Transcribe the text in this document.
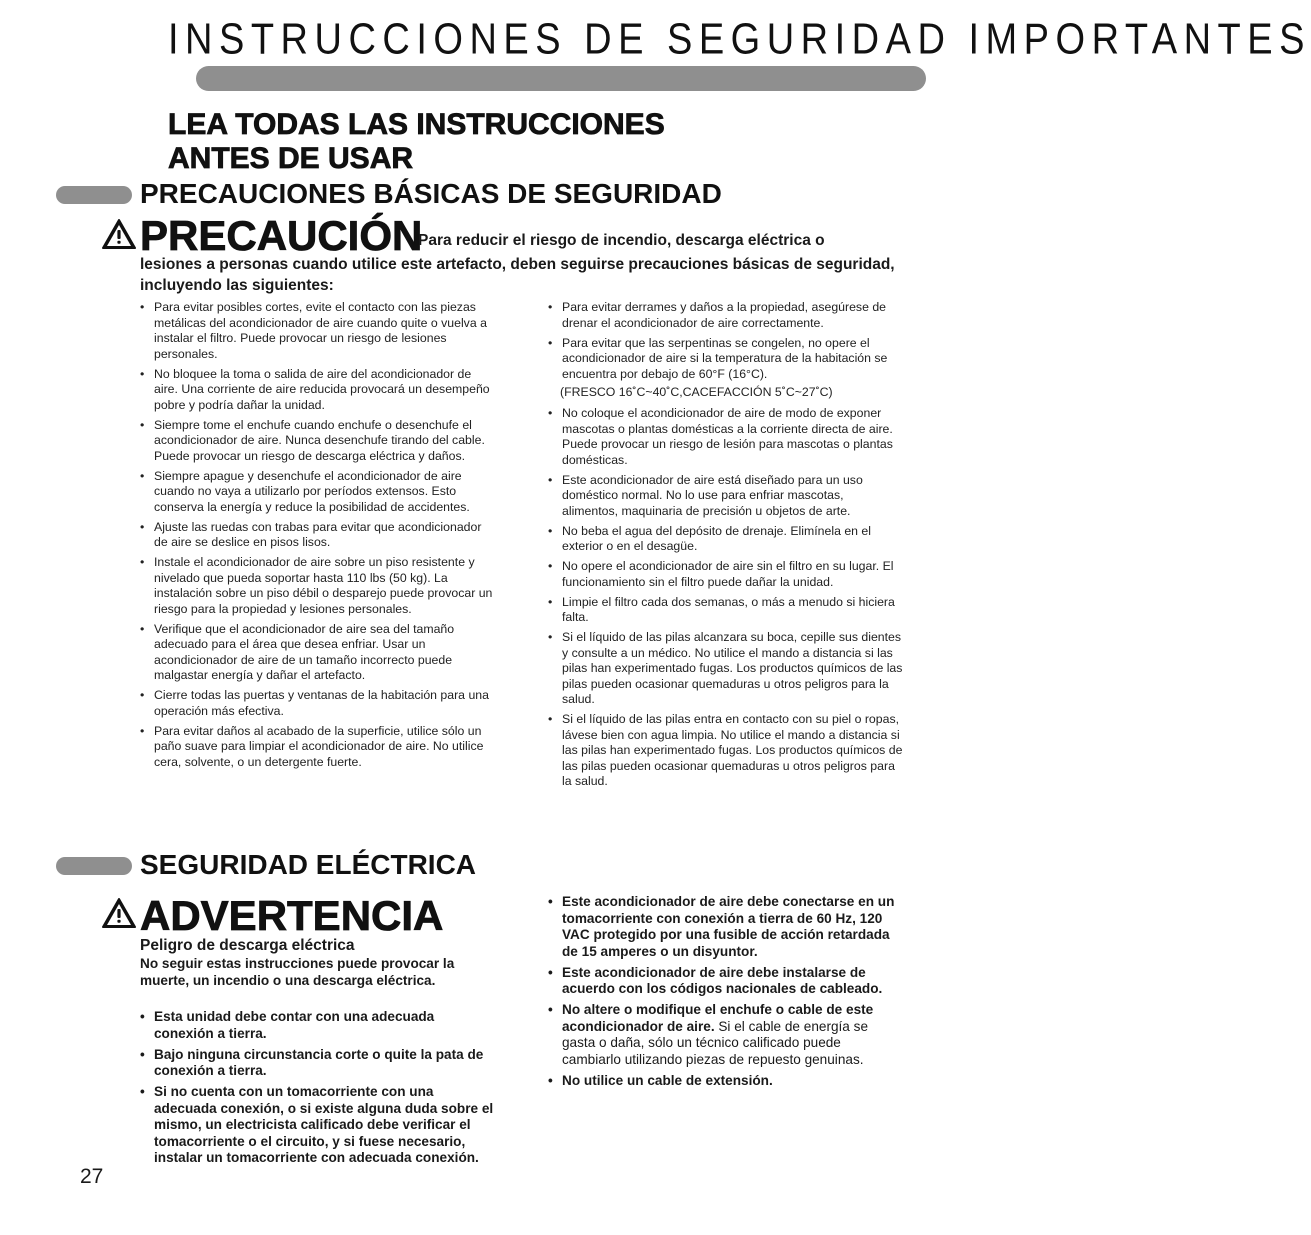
INSTRUCCIONES DE SEGURIDAD IMPORTANTES
LEA TODAS LAS INSTRUCCIONES
ANTES DE USAR
PRECAUCIONES BÁSICAS DE SEGURIDAD
PRECAUCIÓN
Para reducir el riesgo de incendio, descarga eléctrica o
lesiones a personas cuando utilice este artefacto, deben seguirse precauciones básicas de seguridad, incluyendo las siguientes:
• Para evitar posibles cortes, evite el contacto con las piezas metálicas del acondicionador de aire cuando quite o vuelva a instalar el filtro. Puede provocar un riesgo de lesiones personales.
• No bloquee la toma o salida de aire del acondicionador de aire. Una corriente de aire reducida provocará un desempeño pobre y podría dañar la unidad.
• Siempre tome el enchufe cuando enchufe o desenchufe el acondicionador de aire. Nunca desenchufe tirando del cable. Puede provocar un riesgo de descarga eléctrica y daños.
• Siempre apague y desenchufe el acondicionador de aire cuando no vaya a utilizarlo por períodos extensos. Esto conserva la energía y reduce la posibilidad de accidentes.
• Ajuste las ruedas con trabas para evitar que acondicionador de aire se deslice en pisos lisos.
• Instale el acondicionador de aire sobre un piso resistente y nivelado que pueda soportar hasta 110 lbs (50 kg). La instalación sobre un piso débil o desparejo puede provocar un riesgo para la propiedad y lesiones personales.
• Verifique que el acondicionador de aire sea del tamaño adecuado para el área que desea enfriar. Usar un acondicionador de aire de un tamaño incorrecto puede malgastar energía y dañar el artefacto.
• Cierre todas las puertas y ventanas de la habitación para una operación más efectiva.
• Para evitar daños al acabado de la superficie, utilice sólo un paño suave para limpiar el acondicionador de aire. No utilice cera, solvente, o un detergente fuerte.
• Para evitar derrames y daños a la propiedad, asegúrese de drenar el acondicionador de aire correctamente.
• Para evitar que las serpentinas se congelen, no opere el acondicionador de aire si la temperatura de la habitación se encuentra por debajo de 60°F (16°C).
(FRESCO 16˚C~40˚C,CACEFACCIÓN 5˚C~27˚C)
• No coloque el acondicionador de aire de modo de exponer mascotas o plantas domésticas a la corriente directa de aire. Puede provocar un riesgo de lesión para mascotas o plantas domésticas.
• Este acondicionador de aire está diseñado para un uso doméstico normal. No lo use para enfriar mascotas, alimentos, maquinaria de precisión u objetos de arte.
• No beba el agua del depósito de drenaje. Elimínela en el exterior o en el desagüe.
• No opere el acondicionador de aire sin el filtro en su lugar. El funcionamiento sin el filtro puede dañar la unidad.
• Limpie el filtro cada dos semanas, o más a menudo si hiciera falta.
• Si el líquido de las pilas alcanzara su boca, cepille sus dientes y consulte a un médico. No utilice el mando a distancia si las pilas han experimentado fugas. Los productos químicos de las pilas pueden ocasionar quemaduras u otros peligros para la salud.
• Si el líquido de las pilas entra en contacto con su piel o ropas, lávese bien con agua limpia. No utilice el mando a distancia si las pilas han experimentado fugas. Los productos químicos de las pilas pueden ocasionar quemaduras u otros peligros para la salud.
SEGURIDAD ELÉCTRICA
ADVERTENCIA
Peligro de descarga eléctrica
No seguir estas instrucciones puede provocar la muerte, un incendio o una descarga eléctrica.
• Esta unidad debe contar con una adecuada conexión a tierra.
• Bajo ninguna circunstancia corte o quite la pata de conexión a tierra.
• Si no cuenta con un tomacorriente con una adecuada conexión, o si existe alguna duda sobre el mismo, un electricista calificado debe verificar el tomacorriente o el circuito, y si fuese necesario, instalar un tomacorriente con adecuada conexión.
• Este acondicionador de aire debe conectarse en un tomacorriente con conexión a tierra de 60 Hz, 120 VAC protegido por una fusible de acción retardada de 15 amperes o un disyuntor.
• Este acondicionador de aire debe instalarse de acuerdo con los códigos nacionales de cableado.
• No altere o modifique el enchufe o cable de este acondicionador de aire. Si el cable de energía se gasta o daña, sólo un técnico calificado puede cambiarlo utilizando piezas de repuesto genuinas.
• No utilice un cable de extensión.
27
